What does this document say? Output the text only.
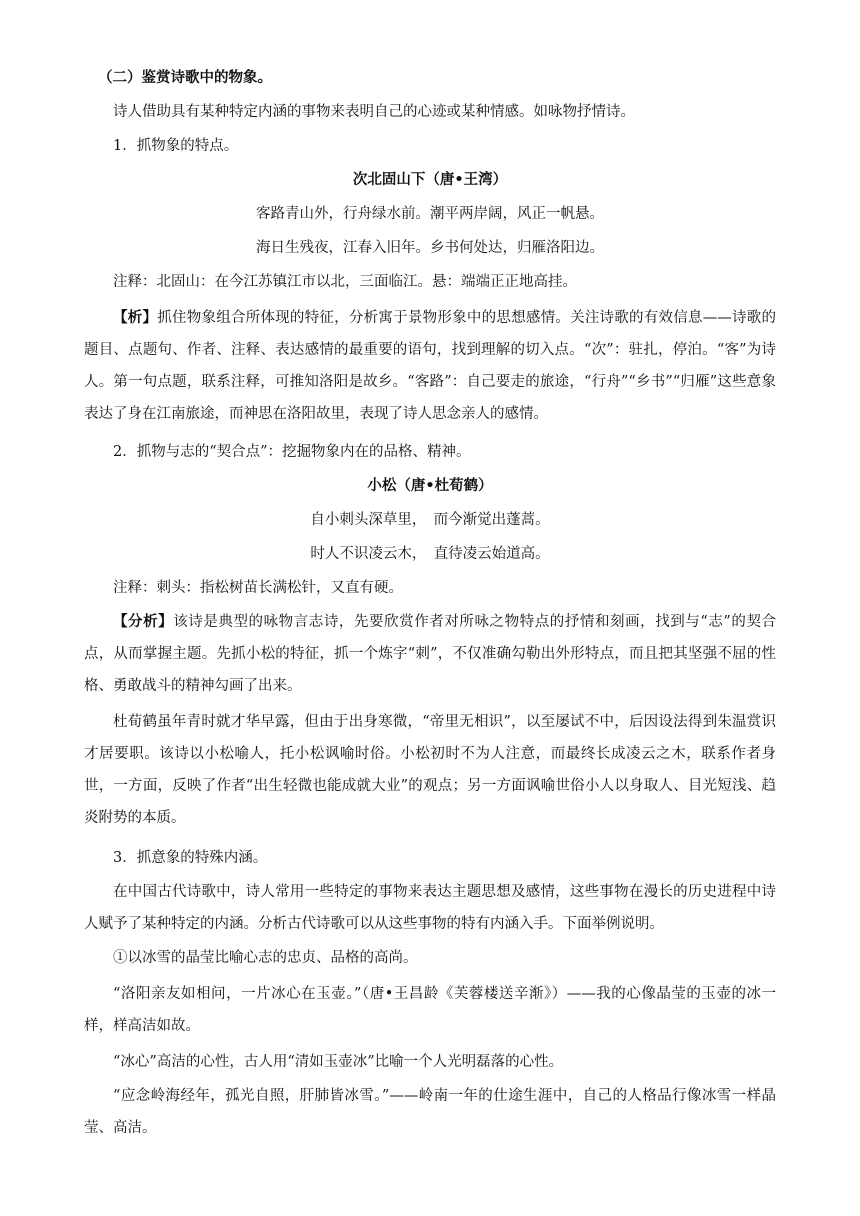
（二）鉴赏诗歌中的物象。
诗人借助具有某种特定内涵的事物来表明自己的心迹或某种情感。如咏物抒情诗。
1．抓物象的特点。
次北固山下（唐•王湾）
客路青山外，行舟绿水前。潮平两岸阔，风正一帆悬。
海日生残夜，江春入旧年。乡书何处达，归雁洛阳边。
注释：北固山：在今江苏镇江市以北，三面临江。悬：端端正正地高挂。
【析】抓住物象组合所体现的特征，分析寓于景物形象中的思想感情。关注诗歌的有效信息——诗歌的题目、点题句、作者、注释、表达感情的最重要的语句，找到理解的切入点。“次”：驻扎，停泊。“客”为诗人。第一句点题，联系注释，可推知洛阳是故乡。“客路”：自己要走的旅途，“行舟”“乡书”“归雁”这些意象表达了身在江南旅途，而神思在洛阳故里，表现了诗人思念亲人的感情。
2．抓物与志的“契合点”：挖掘物象内在的品格、精神。
小松（唐•杜荀鹤）
自小刺头深草里，　而今渐觉出蓬蒿。
时人不识凌云木，　直待凌云始道高。
注释：刺头：指松树苗长满松针，又直有硬。
【分析】该诗是典型的咏物言志诗，先要欣赏作者对所咏之物特点的抒情和刻画，找到与“志”的契合点，从而掌握主题。先抓小松的特征，抓一个炼字“刺”，不仅准确勾勒出外形特点，而且把其坚强不屈的性格、勇敢战斗的精神勾画了出来。
杜荀鹤虽年青时就才华早露，但由于出身寒微，“帝里无相识”，以至屡试不中，后因设法得到朱温赏识才居要职。该诗以小松喻人，托小松讽喻时俗。小松初时不为人注意，而最终长成凌云之木，联系作者身世，一方面，反映了作者“出生轻微也能成就大业”的观点；另一方面讽喻世俗小人以身取人、目光短浅、趋炎附势的本质。
3．抓意象的特殊内涵。
在中国古代诗歌中，诗人常用一些特定的事物来表达主题思想及感情，这些事物在漫长的历史进程中诗人赋予了某种特定的内涵。分析古代诗歌可以从这些事物的特有内涵入手。下面举例说明。
①以冰雪的晶莹比喻心志的忠贞、品格的高尚。
“洛阳亲友如相问，一片冰心在玉壶。”（唐•王昌龄《芙蓉楼送辛渐》）——我的心像晶莹的玉壶的冰一样，样高洁如故。
“冰心”高洁的心性，古人用“清如玉壶冰”比喻一个人光明磊落的心性。
“应念岭海经年，孤光自照，肝肺皆冰雪。”——岭南一年的仕途生涯中，自己的人格品行像冰雪一样晶莹、高洁。
